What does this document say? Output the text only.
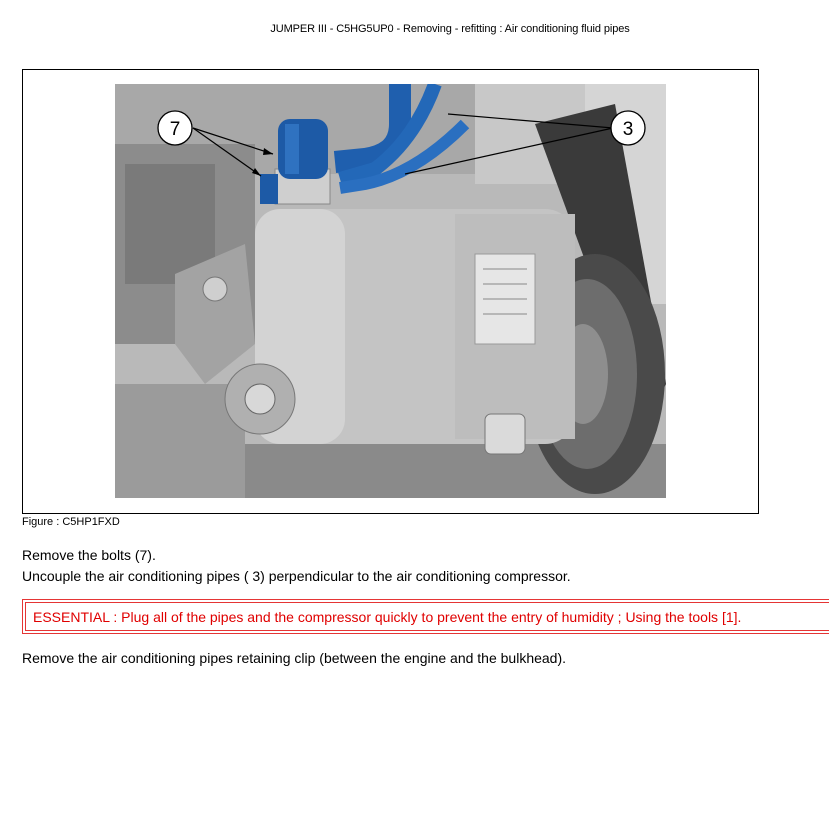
JUMPER III - C5HG5UP0 - Removing - refitting : Air conditioning fluid pipes
7	3
Figure : C5HP1FXD
Remove the bolts (7).
Uncouple the air conditioning pipes ( 3) perpendicular to the air conditioning compressor.
ESSENTIAL : Plug all of the pipes and the compressor quickly to prevent the entry of humidity ; Using the tools [1].
Remove the air conditioning pipes retaining clip (between the engine and the bulkhead).
